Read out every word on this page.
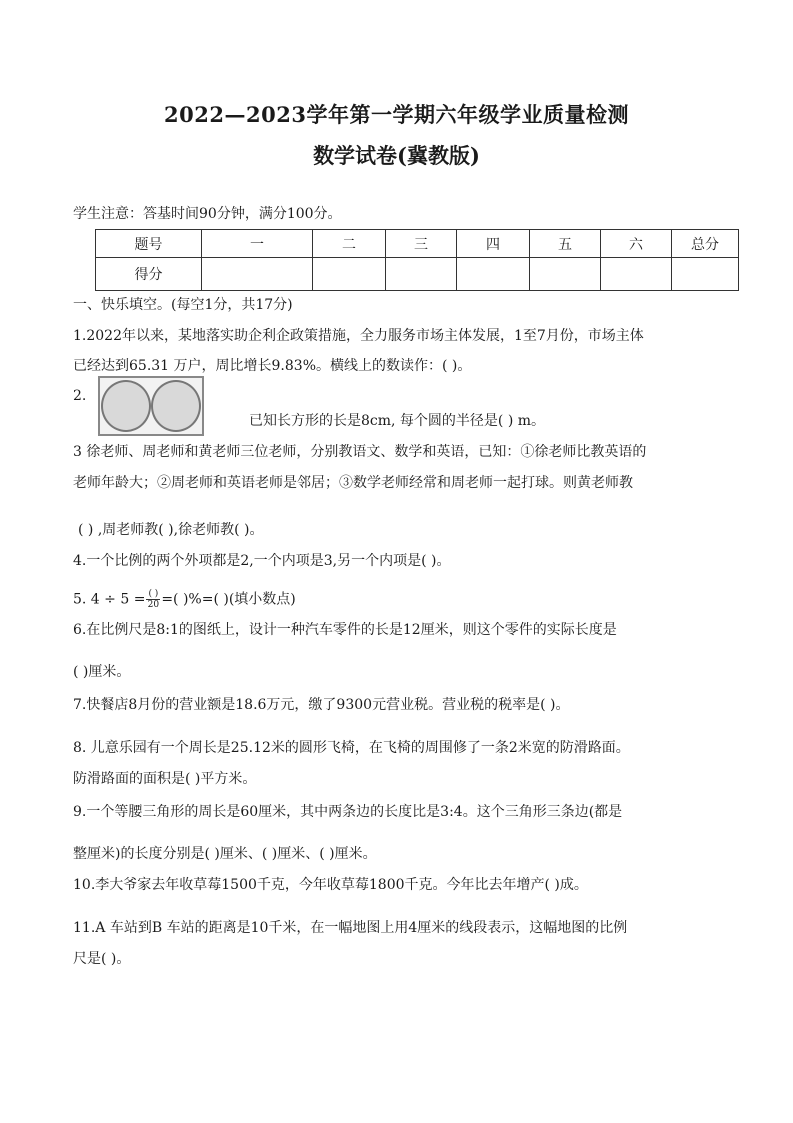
2022—2023学年第一学期六年级学业质量检测
数学试卷(冀教版)
学生注意：答基时间90分钟，满分100分。
题号	一	二	三	四	五	六	总分
得分							
一、快乐填空。(每空1分，共17分)
1.2022年以来，某地落实助企利企政策措施，全力服务市场主体发展，1至7月份，市场主体
已经达到65.31 万户，周比增长9.83%。横线上的数读作：( )。
2.
已知长方形的长是8cm, 每个圆的半径是( ) m。
3 徐老师、周老师和黄老师三位老师，分别教语文、数学和英语，已知：①徐老师比教英语的
老师年龄大；②周老师和英语老师是邻居；③数学老师经常和周老师一起打球。则黄老师教
( ) ,周老师教( ),徐老师教( )。
4.一个比例的两个外项都是2,一个内项是3,另一个内项是( )。
5. $4 \div 5 = \frac{( )}{20}$ =( )%=( )(填小数点)
6.在比例尺是8:1的图纸上，设计一种汽车零件的长是12厘米，则这个零件的实际长度是
( )厘米。
7.快餐店8月份的营业额是18.6万元，缴了9300元营业税。营业税的税率是( )。
8. 儿意乐园有一个周长是25.12米的圆形飞椅，在飞椅的周围修了一条2米宽的防滑路面。
防滑路面的面积是( )平方米。
9.一个等腰三角形的周长是60厘米，其中两条边的长度比是3:4。这个三角形三条边(都是
整厘米)的长度分别是( )厘米、( )厘米、( )厘米。
10.李大爷家去年收草莓1500千克，今年收草莓1800千克。今年比去年增产( )成。
11.A 车站到B 车站的距离是10千米，在一幅地图上用4厘米的线段表示，这幅地图的比例
尺是( )。
